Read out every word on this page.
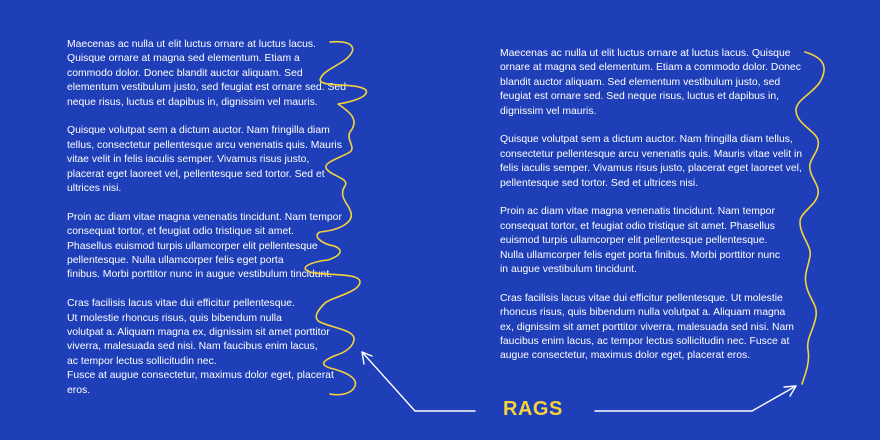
Maecenas ac nulla ut elit luctus ornare at luctus lacus.
Quisque ornare at magna sed elementum. Etiam a
commodo dolor. Donec blandit auctor aliquam. Sed
elementum vestibulum justo, sed feugiat est ornare sed. Sed
neque risus, luctus et dapibus in, dignissim vel mauris.

Quisque volutpat sem a dictum auctor. Nam fringilla diam
tellus, consectetur pellentesque arcu venenatis quis. Mauris
vitae velit in felis iaculis semper. Vivamus risus justo,
placerat eget laoreet vel, pellentesque sed tortor. Sed et
ultrices nisi.

Proin ac diam vitae magna venenatis tincidunt. Nam tempor
consequat tortor, et feugiat odio tristique sit amet.
Phasellus euismod turpis ullamcorper elit pellentesque
pellentesque. Nulla ullamcorper felis eget porta
finibus. Morbi porttitor nunc in augue vestibulum tincidunt.

Cras facilisis lacus vitae dui efficitur pellentesque.
Ut molestie rhoncus risus, quis bibendum nulla
volutpat a. Aliquam magna ex, dignissim sit amet porttitor
viverra, malesuada sed nisi. Nam faucibus enim lacus,
ac tempor lectus sollicitudin nec.
Fusce at augue consectetur, maximus dolor eget, placerat
eros.

Maecenas ac nulla ut elit luctus ornare at luctus lacus. Quisque
ornare at magna sed elementum. Etiam a commodo dolor. Donec
blandit auctor aliquam. Sed elementum vestibulum justo, sed
feugiat est ornare sed. Sed neque risus, luctus et dapibus in,
dignissim vel mauris.

Quisque volutpat sem a dictum auctor. Nam fringilla diam tellus,
consectetur pellentesque arcu venenatis quis. Mauris vitae velit in
felis iaculis semper. Vivamus risus justo, placerat eget laoreet vel,
pellentesque sed tortor. Sed et ultrices nisi.

Proin ac diam vitae magna venenatis tincidunt. Nam tempor
consequat tortor, et feugiat odio tristique sit amet. Phasellus
euismod turpis ullamcorper elit pellentesque pellentesque.
Nulla ullamcorper felis eget porta finibus. Morbi porttitor nunc
in augue vestibulum tincidunt.

Cras facilisis lacus vitae dui efficitur pellentesque. Ut molestie
rhoncus risus, quis bibendum nulla volutpat a. Aliquam magna
ex, dignissim sit amet porttitor viverra, malesuada sed nisi. Nam
faucibus enim lacus, ac tempor lectus sollicitudin nec. Fusce at
augue consectetur, maximus dolor eget, placerat eros.

RAGS
